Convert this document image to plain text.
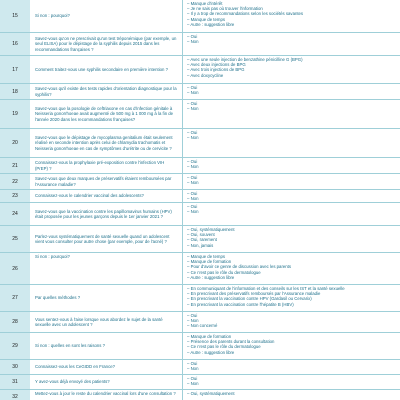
15	Si non : pourquoi?
– Manque d'intérêt
– Je ne sais pas où trouver l'information
– Il y a trop de recommandations selon les sociétés savantes
– Manque de temps
– Autre : suggestion libre
16
Savez-vous qu'on ne prescrivait qu'un test tréponémique (par exemple, un seul ELISA) pour le dépistage de la syphilis depuis 2015 dans les recommandations françaises ?
– Oui
– Non
17	Comment traitez-vous une syphilis secondaire en première intention ?
– Avec une seule injection de benzathine pénicilline G (BPG)
– Avec deux injections de BPG
– Avec trois injections de BPG
– Avec doxycycline
18	Savez-vous qu'il existe des tests rapides d'orientation diagnostique pour la syphilis?
– Oui
– Non
19
Savez-vous que la posologie de ceftriaxone en cas d'infection génitale à Neisseria gonorrhoeae avait augmenté de 500 mg à 1 000 mg à la fin de l'année 2020 dans les recommandations françaises?
– Oui
– Non
20
Savez-vous que le dépistage de mycoplasma genitalium était seulement réalisé en seconde intention après celui de chlamydia trachomatis et Neisseria gonorrhoeae en cas de symptômes d'urétrite ou de cervicite ?
– Oui
– Non
21	Connaissez-vous la prophylaxie pré-exposition contre l'infection VIH (PrEP) ?
– Oui
– Non
22	Savez-vous que deux marques de préservatifs étaient remboursées par l'Assurance maladie?
– Oui
– Non
23	Connaissez-vous le calendrier vaccinal des adolescents?	– Oui
– Non
24	Savez-vous que la vaccination contre les papillomavirus humains (HPV) était proposée pour les jeunes garçons depuis le 1er janvier 2021 ?
– Oui
– Non
25	Parlez-vous systématiquement de santé sexuelle quand un adolescent vient vous consulter pour autre chose (par exemple, pour de l'acné) ?
– Oui, systématiquement
– Oui, souvent
– Oui, rarement
– Non, jamais
26
Si non : pourquoi?	– Manque de temps
– Manque de formation
– Pour d'avoir ce genre de discussion avec les parents
– Ce n'est pas le rôle du dermatologue
– Autre : suggestion libre
27	Par quelles méthodes ?
– En communiquant de l'information et des conseils sur les IST et la santé sexuelle
– En prescrivant des préservatifs remboursés par l'Assurance maladie
– En prescrivant la vaccination contre HPV (Gardasil ou Cervarix)
– En prescrivant la vaccination contre l'hépatite B (HBV)
28	Vous sentez-vous à l'aise lorsque vous abordez le sujet de la santé sexuelle avec un adolescent ?
– Oui
– Non
– Non concerné
29	Si non : quelles en sont les raisons ?
– Manque de formation
– Présence des parents durant la consultation
– Ce n'est pas le rôle du dermatologue
– Autre : suggestion libre
30	Connaissez-vous les CeGIDD en France?
– Oui
– Non
31	Y avez-vous déjà envoyé des patients?
– Oui
– Non
32
Mettez-vous à jour le reste du calendrier vaccinal lors d'une consultation ?	– Oui, systématiquement
